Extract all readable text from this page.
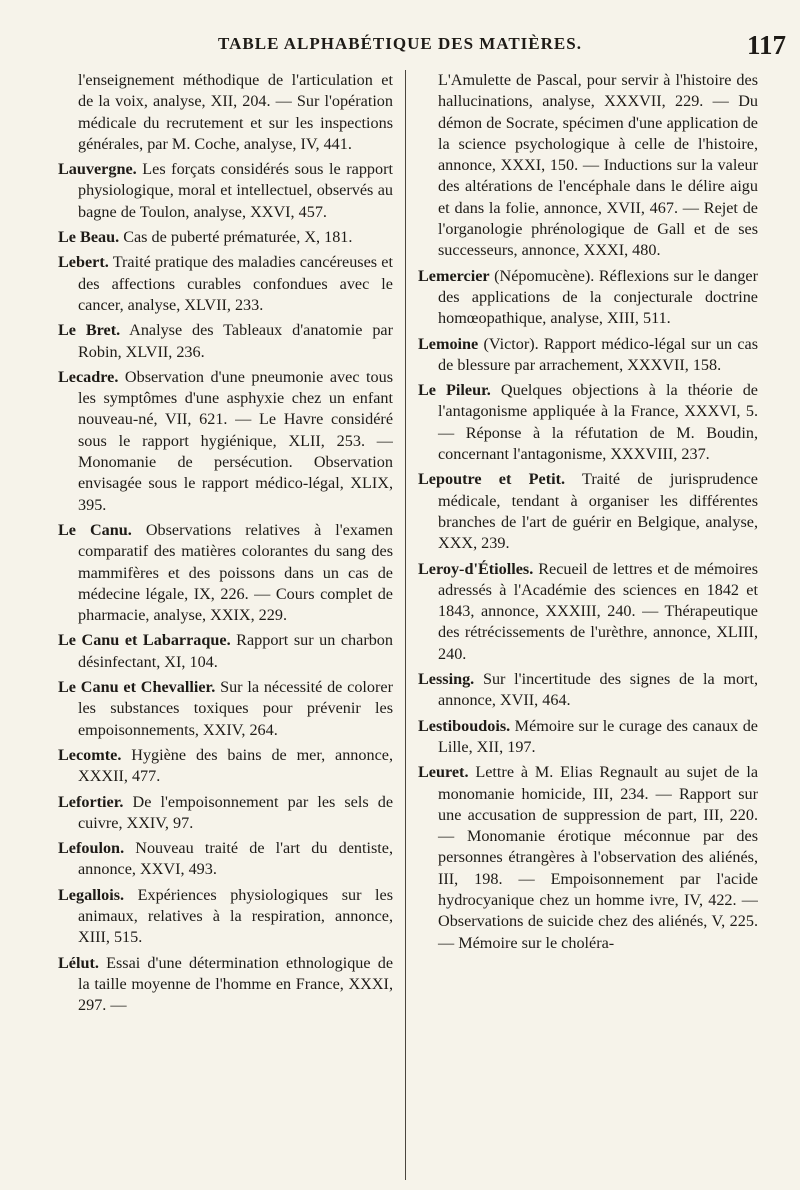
TABLE ALPHABÉTIQUE DES MATIÈRES.	117

l'enseignement méthodique de l'articulation et de la voix, analyse, XII, 204. — Sur l'opération médicale du recrutement et sur les inspections générales, par M. Coche, analyse, IV, 441.

Lauvergne. Les forçats considérés sous le rapport physiologique, moral et intellectuel, observés au bagne de Toulon, analyse, XXVI, 457.

Le Beau. Cas de puberté prématurée, X, 181.

Lebert. Traité pratique des maladies cancéreuses et des affections curables confondues avec le cancer, analyse, XLVII, 233.

Le Bret. Analyse des Tableaux d'anatomie par Robin, XLVII, 236.

Lecadre. Observation d'une pneumonie avec tous les symptômes d'une asphyxie chez un enfant nouveau-né, VII, 621. — Le Havre considéré sous le rapport hygiénique, XLII, 253. — Monomanie de persécution. Observation envisagée sous le rapport médico-légal, XLIX, 395.

Le Canu. Observations relatives à l'examen comparatif des matières colorantes du sang des mammifères et des poissons dans un cas de médecine légale, IX, 226. — Cours complet de pharmacie, analyse, XXIX, 229.

Le Canu et Labarraque. Rapport sur un charbon désinfectant, XI, 104.

Le Canu et Chevallier. Sur la nécessité de colorer les substances toxiques pour prévenir les empoisonnements, XXIV, 264.

Lecomte. Hygiène des bains de mer, annonce, XXXII, 477.

Lefortier. De l'empoisonnement par les sels de cuivre, XXIV, 97.

Lefoulon. Nouveau traité de l'art du dentiste, annonce, XXVI, 493.

Legallois. Expériences physiologiques sur les animaux, relatives à la respiration, annonce, XIII, 515.

Lélut. Essai d'une détermination ethnologique de la taille moyenne de l'homme en France, XXXI, 297. —

L'Amulette de Pascal, pour servir à l'histoire des hallucinations, analyse, XXXVII, 229. — Du démon de Socrate, spécimen d'une application de la science psychologique à celle de l'histoire, annonce, XXXI, 150. — Inductions sur la valeur des altérations de l'encéphale dans le délire aigu et dans la folie, annonce, XVII, 467. — Rejet de l'organologie phrénologique de Gall et de ses successeurs, annonce, XXXI, 480.

Lemercier (Népomucène). Réflexions sur le danger des applications de la conjecturale doctrine homœopathique, analyse, XIII, 511.

Lemoine (Victor). Rapport médico-légal sur un cas de blessure par arrachement, XXXVII, 158.

Le Pileur. Quelques objections à la théorie de l'antagonisme appliquée à la France, XXXVI, 5. — Réponse à la réfutation de M. Boudin, concernant l'antagonisme, XXXVIII, 237.

Lepoutre et Petit. Traité de jurisprudence médicale, tendant à organiser les différentes branches de l'art de guérir en Belgique, analyse, XXX, 239.

Leroy-d'Étiolles. Recueil de lettres et de mémoires adressés à l'Académie des sciences en 1842 et 1843, annonce, XXXIII, 240. — Thérapeutique des rétrécissements de l'urèthre, annonce, XLIII, 240.

Lessing. Sur l'incertitude des signes de la mort, annonce, XVII, 464.

Lestiboudois. Mémoire sur le curage des canaux de Lille, XII, 197.

Leuret. Lettre à M. Elias Regnault au sujet de la monomanie homicide, III, 234. — Rapport sur une accusation de suppression de part, III, 220. — Monomanie érotique méconnue par des personnes étrangères à l'observation des aliénés, III, 198. — Empoisonnement par l'acide hydrocyanique chez un homme ivre, IV, 422. — Observations de suicide chez des aliénés, V, 225. — Mémoire sur le choléra-
